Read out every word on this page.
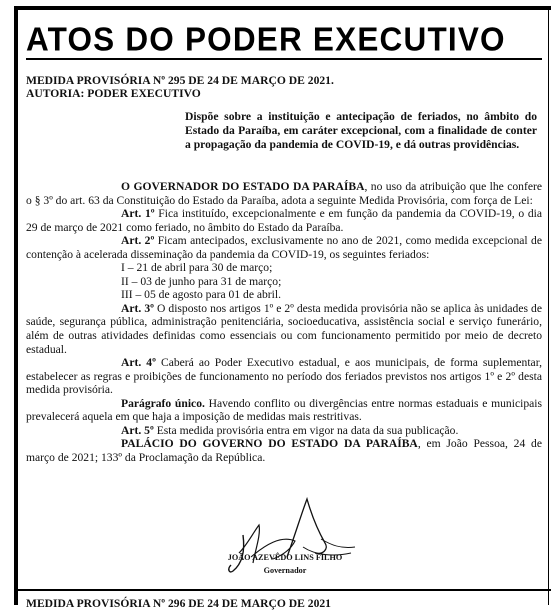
ATOS DO PODER EXECUTIVO
MEDIDA PROVISÓRIA Nº 295 DE 24 DE MARÇO DE 2021.
AUTORIA: PODER EXECUTIVO
Dispõe sobre a instituição e antecipação de feriados, no âmbito do Estado da Paraíba, em caráter excepcional, com a finalidade de conter a propagação da pandemia de COVID-19, e dá outras providências.

O GOVERNADOR DO ESTADO DA PARAÍBA, no uso da atribuição que lhe confere o § 3º do art. 63 da Constituição do Estado da Paraíba, adota a seguinte Medida Provisória, com força de Lei:

Art. 1º Fica instituído, excepcionalmente e em função da pandemia da COVID-19, o dia 29 de março de 2021 como feriado, no âmbito do Estado da Paraíba.

Art. 2º Ficam antecipados, exclusivamente no ano de 2021, como medida excepcional de contenção à acelerada disseminação da pandemia da COVID-19, os seguintes feriados:

I – 21 de abril para 30 de março;

II – 03 de junho para 31 de março;

III – 05 de agosto para 01 de abril.

Art. 3º O disposto nos artigos 1º e 2º desta medida provisória não se aplica às unidades de saúde, segurança pública, administração penitenciária, socioeducativa, assistência social e serviço funerário, além de outras atividades definidas como essenciais ou com funcionamento permitido por meio de decreto estadual.

Art. 4º Caberá ao Poder Executivo estadual, e aos municipais, de forma suplementar, estabelecer as regras e proibições de funcionamento no período dos feriados previstos nos artigos 1º e 2º desta medida provisória.

Parágrafo único. Havendo conflito ou divergências entre normas estaduais e municipais prevalecerá aquela em que haja a imposição de medidas mais restritivas.

Art. 5º Esta medida provisória entra em vigor na data da sua publicação.

PALÁCIO DO GOVERNO DO ESTADO DA PARAÍBA, em João Pessoa, 24 de março de 2021; 133º da Proclamação da República.

JOÃO AZEVÊDO LINS FILHO
Governador
MEDIDA PROVISÓRIA Nº 296 DE 24 DE MARÇO DE 2021
